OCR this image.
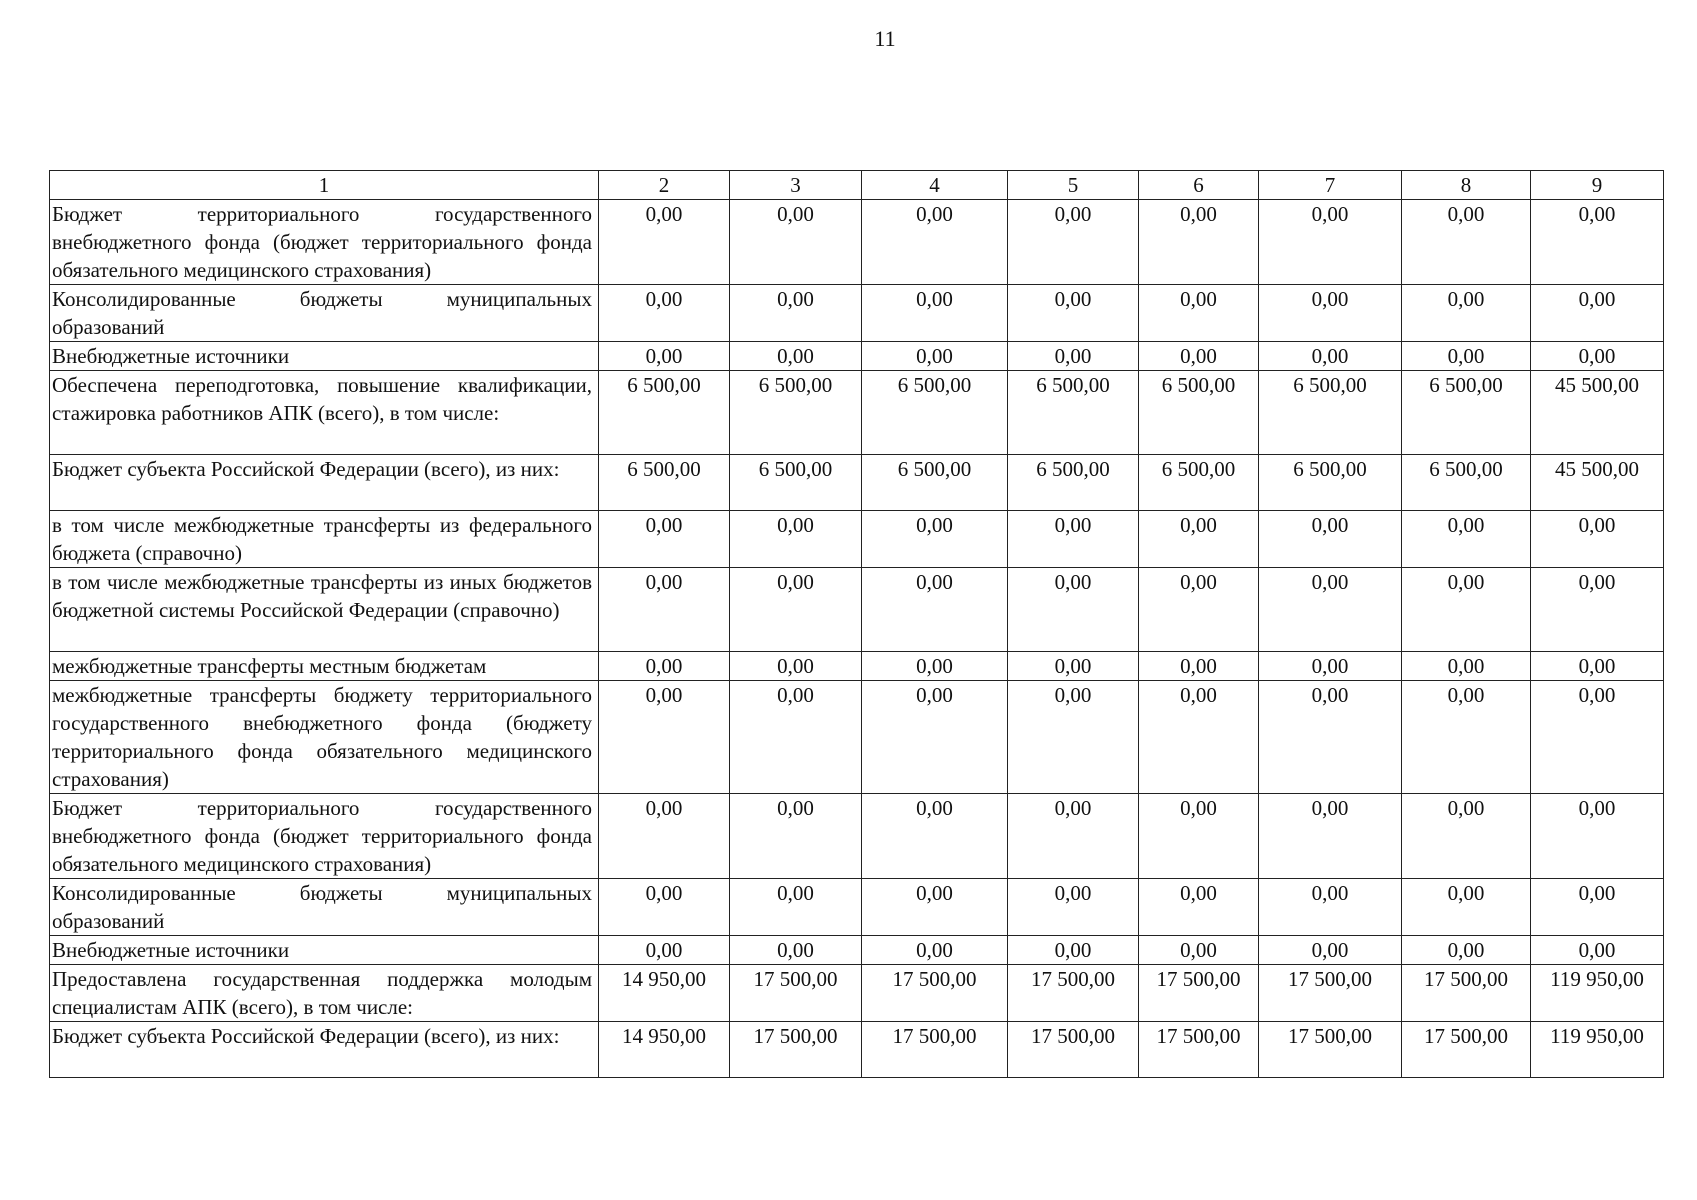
11
1	2	3	4	5	6	7	8	9
Бюджет территориального государственного внебюджетного фонда (бюджет территориального фонда обязательного медицинского страхования)	0,00	0,00	0,00	0,00	0,00	0,00	0,00	0,00
Консолидированные бюджеты муниципальных образований	0,00	0,00	0,00	0,00	0,00	0,00	0,00	0,00
Внебюджетные источники	0,00	0,00	0,00	0,00	0,00	0,00	0,00	0,00
Обеспечена переподготовка, повышение квалификации, стажировка работников АПК (всего), в том числе:	6 500,00	6 500,00	6 500,00	6 500,00	6 500,00	6 500,00	6 500,00	45 500,00
Бюджет субъекта Российской Федерации (всего), из них:	6 500,00	6 500,00	6 500,00	6 500,00	6 500,00	6 500,00	6 500,00	45 500,00
в том числе межбюджетные трансферты из федерального бюджета (справочно)	0,00	0,00	0,00	0,00	0,00	0,00	0,00	0,00
в том числе межбюджетные трансферты из иных бюджетов бюджетной системы Российской Федерации (справочно)	0,00	0,00	0,00	0,00	0,00	0,00	0,00	0,00
межбюджетные трансферты местным бюджетам	0,00	0,00	0,00	0,00	0,00	0,00	0,00	0,00
межбюджетные трансферты бюджету территориального государственного внебюджетного фонда (бюджету территориального фонда обязательного медицинского страхования)	0,00	0,00	0,00	0,00	0,00	0,00	0,00	0,00
Бюджет территориального государственного внебюджетного фонда (бюджет территориального фонда обязательного медицинского страхования)	0,00	0,00	0,00	0,00	0,00	0,00	0,00	0,00
Консолидированные бюджеты муниципальных образований	0,00	0,00	0,00	0,00	0,00	0,00	0,00	0,00
Внебюджетные источники	0,00	0,00	0,00	0,00	0,00	0,00	0,00	0,00
Предоставлена государственная поддержка молодым специалистам АПК (всего), в том числе:	14 950,00	17 500,00	17 500,00	17 500,00	17 500,00	17 500,00	17 500,00	119 950,00
Бюджет субъекта Российской Федерации (всего), из них:	14 950,00	17 500,00	17 500,00	17 500,00	17 500,00	17 500,00	17 500,00	119 950,00
